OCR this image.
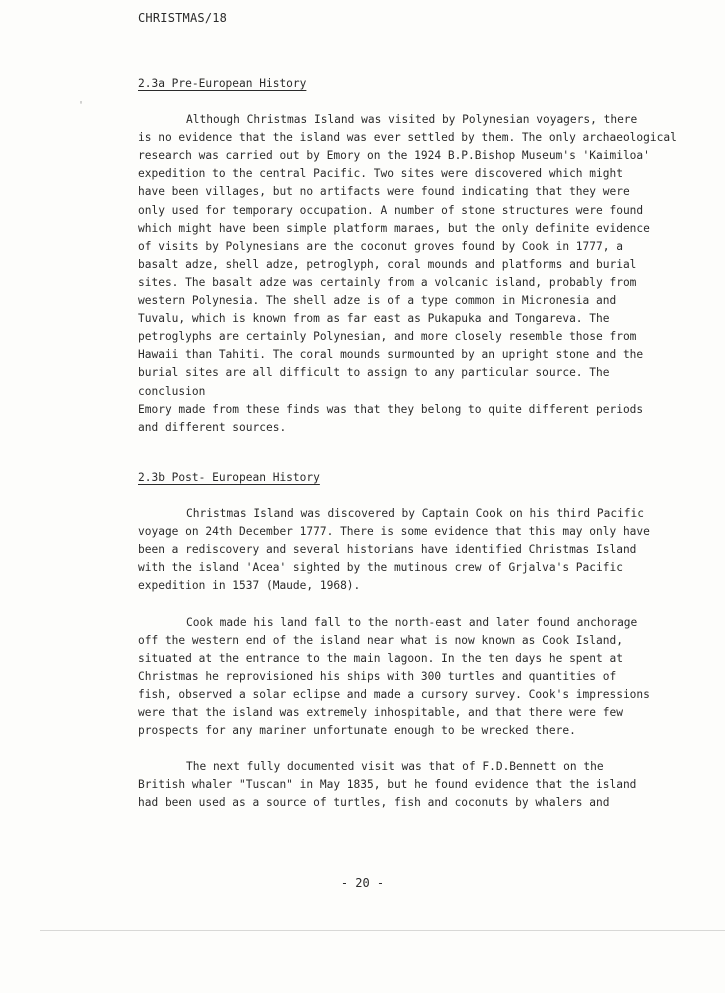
CHRISTMAS/18
'
2.3a Pre-European History

Although Christmas Island was visited by Polynesian voyagers, there
is no evidence that the island was ever settled by them. The only archaeological
research was carried out by Emory on the 1924 B.P.Bishop Museum's 'Kaimiloa'
expedition to the central Pacific. Two sites were discovered which might
have been villages, but no artifacts were found indicating that they were
only used for temporary occupation. A number of stone structures were found
which might have been simple platform maraes, but the only definite evidence
of visits by Polynesians are the coconut groves found by Cook in 1777, a
basalt adze, shell adze, petroglyph, coral mounds and platforms and burial
sites. The basalt adze was certainly from a volcanic island, probably from
western Polynesia. The shell adze is of a type common in Micronesia and
Tuvalu, which is known from as far east as Pukapuka and Tongareva. The
petroglyphs are certainly Polynesian, and more closely resemble those from
Hawaii than Tahiti. The coral mounds surmounted by an upright stone and the
burial sites are all difficult to assign to any particular source. The conclusion
Emory made from these finds was that they belong to quite different periods
and different sources.

2.3b Post- European History

Christmas Island was discovered by Captain Cook on his third Pacific
voyage on 24th December 1777. There is some evidence that this may only have
been a rediscovery and several historians have identified Christmas Island
with the island 'Acea' sighted by the mutinous crew of Grjalva's Pacific
expedition in 1537 (Maude, 1968).

Cook made his land fall to the north-east and later found anchorage
off the western end of the island near what is now known as Cook Island,
situated at the entrance to the main lagoon. In the ten days he spent at
Christmas he reprovisioned his ships with 300 turtles and quantities of
fish, observed a solar eclipse and made a cursory survey. Cook's impressions
were that the island was extremely inhospitable, and that there were few
prospects for any mariner unfortunate enough to be wrecked there.

The next fully documented visit was that of F.D.Bennett on the
British whaler "Tuscan" in May 1835, but he found evidence that the island
had been used as a source of turtles, fish and coconuts by whalers and

- 20 -
